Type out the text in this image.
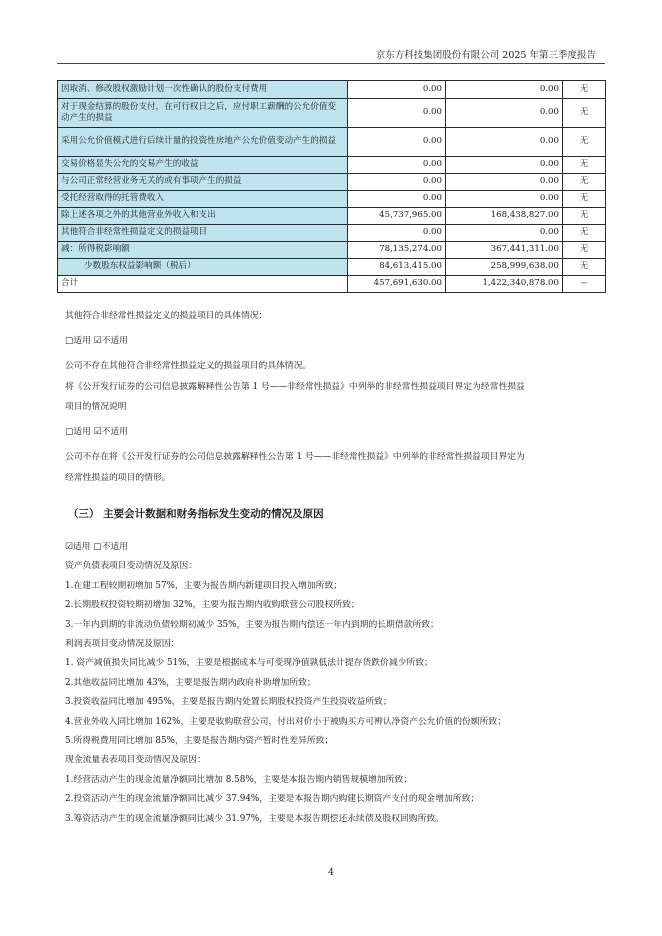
京东方科技集团股份有限公司 2025 年第三季度报告
因取消、修改股权激励计划一次性确认的股份支付费用	0.00	0.00	无
对于现金结算的股份支付，在可行权日之后，应付职工薪酬的公允价值变动产生的损益	0.00	0.00	无
采用公允价值模式进行后续计量的投资性房地产公允价值变动产生的损益	0.00	0.00	无
交易价格显失公允的交易产生的收益	0.00	0.00	无
与公司正常经营业务无关的或有事项产生的损益	0.00	0.00	无
受托经营取得的托管费收入	0.00	0.00	无
除上述各项之外的其他营业外收入和支出	45,737,965.00	168,438,827.00	无
其他符合非经常性损益定义的损益项目	0.00	0.00	无
减：所得税影响额	78,135,274.00	367,441,311.00	无
少数股东权益影响额（税后）	84,613,415.00	258,999,638.00	无
合计	457,691,630.00	1,422,340,878.00	--
其他符合非经常性损益定义的损益项目的具体情况：
□适用 ☑不适用
公司不存在其他符合非经常性损益定义的损益项目的具体情况。
将《公开发行证券的公司信息披露解释性公告第 1 号——非经常性损益》中列举的非经常性损益项目界定为经常性损益
项目的情况说明
□适用 ☑不适用
公司不存在将《公开发行证券的公司信息披露解释性公告第 1 号——非经常性损益》中列举的非经常性损益项目界定为
经常性损益的项目的情形。
（三） 主要会计数据和财务指标发生变动的情况及原因
☑适用 □不适用
资产负债表项目变动情况及原因：
1.在建工程较期初增加 57%，主要为报告期内新建项目投入增加所致；
2.长期股权投资较期初增加 32%，主要为报告期内收购联营公司股权所致；
3.一年内到期的非流动负债较期初减少 35%，主要为报告期内偿还一年内到期的长期借款所致；
利润表项目变动情况及原因：
1. 资产减值损失同比减少 51%，主要是根据成本与可变现净值孰低法计提存货跌价减少所致；
2.其他收益同比增加 43%，主要是报告期内政府补助增加所致；
3.投资收益同比增加 495%，主要是报告期内处置长期股权投资产生投资收益所致；
4.营业外收入同比增加 162%，主要是收购联营公司，付出对价小于被购买方可辨认净资产公允价值的份额所致；
5.所得税费用同比增加 85%，主要是报告期内资产暂时性差异所致；
现金流量表表项目变动情况及原因：
1.经营活动产生的现金流量净额同比增加 8.58%，主要是本报告期内销售规模增加所致；
2.投资活动产生的现金流量净额同比减少 37.94%，主要是本报告期内购建长期资产支付的现金增加所致；
3.筹资活动产生的现金流量净额同比减少 31.97%，主要是本报告期偿还永续债及股权回购所致。
4
